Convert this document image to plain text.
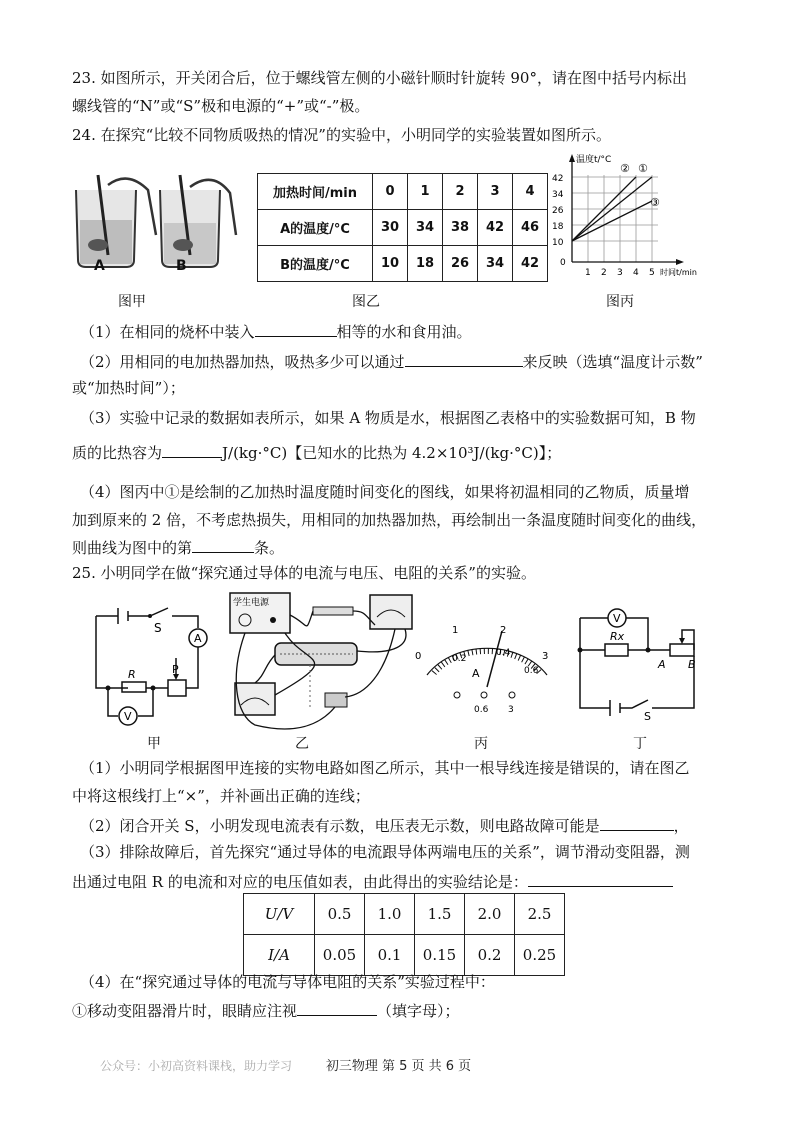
23. 如图所示，开关闭合后，位于螺线管左侧的小磁针顺时针旋转 90°，请在图中括号内标出
螺线管的“N”或“S”极和电源的“+”或“-”极。
24. 在探究“比较不同物质吸热的情况”的实验中，小明同学的实验装置如图所示。
A	B
加热时间/min	0	1	2	3	4
A的温度/°C	30	34	38	42	46
B的温度/°C	10	18	26	34	42
温度t/°C
42
34
26
18
10
0
1 2 3 4 5 时间t/min
② ①
③
图甲	图乙	图丙
（1）在相同的烧杯中装入	相等的水和食用油。
（2）用相同的电加热器加热，吸热多少可以通过	来反映（选填“温度计示数”
或“加热时间”）；
（3）实验中记录的数据如表所示，如果 A 物质是水，根据图乙表格中的实验数据可知，B 物
质的比热容为	J/(kg·°C)【已知水的比热为 4.2×10³J/(kg·°C)】；
（4）图丙中①是绘制的乙加热时温度随时间变化的图线，如果将初温相同的乙物质，质量增
加到原来的 2 倍，不考虑热损失，用相同的加热器加热，再绘制出一条温度随时间变化的曲线，
则曲线为图中的第	条。
25. 小明同学在做“探究通过导体的电流与电压、电阻的关系”的实验。
S
A
R	P
V
学生电源
0
1	2
3
0.2
0.4
0.6
A
0.6 3
V
Rx
A B
S
甲	乙	丙	丁
（1）小明同学根据图甲连接的实物电路如图乙所示，其中一根导线连接是错误的，请在图乙
中将这根线打上“×”，并补画出正确的连线；
（2）闭合开关 S，小明发现电流表有示数，电压表无示数，则电路故障可能是	，
（3）排除故障后，首先探究“通过导体的电流跟导体两端电压的关系”，调节滑动变阻器，测
出通过电阻 R 的电流和对应的电压值如表，由此得出的实验结论是：
U/V	0.5	1.0	1.5	2.0	2.5
I/A	0.05	0.1	0.15	0.2	0.25
（4）在“探究通过导体的电流与导体电阻的关系”实验过程中：
①移动变阻器滑片时，眼睛应注视	（填字母）；
公众号：小初高资料课栈，助力学习	初三物理 第 5 页 共 6 页
